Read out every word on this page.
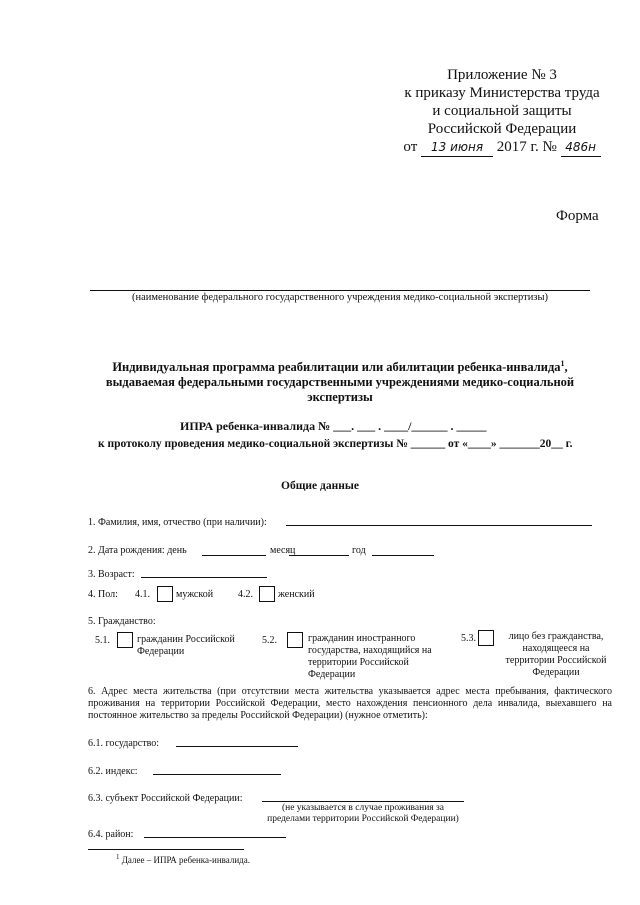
Приложение № 3
к приказу Министерства труда
и социальной защиты
Российской Федерации
от 13 июня 2017 г. № 486н
Форма
(наименование федерального государственного учреждения медико-социальной экспертизы)
Индивидуальная программа реабилитации или абилитации ребенка-инвалида$^1$,
выдаваемая федеральными государственными учреждениями медико-социальной
экспертизы
ИПРА ребенка-инвалида № ___. ___ . ____/______ . _____
к протоколу проведения медико-социальной экспертизы № ______ от «____» _______20__ г.
Общие данные
1. Фамилия, имя, отчество (при наличии):
2. Дата рождения: день	месяц	год
3. Возраст:
4. Пол: 4.1.	мужской 4.2.	женский
5. Гражданство:
5.1.	гражданин Российской Федерации
5.2.	гражданин иностранного государства, находящийся на территории Российской Федерации
5.3.	лицо без гражданства, находящееся на территории Российской Федерации
6. Адрес места жительства (при отсутствии места жительства указывается адрес места пребывания, фактического проживания на территории Российской Федерации, место нахождения пенсионного дела инвалида, выехавшего на постоянное жительство за пределы Российской Федерации) (нужное отметить):
6.1. государство:
6.2. индекс:
6.3. субъект Российской Федерации:
(не указывается в случае проживания за пределами территории Российской Федерации)
6.4. район:
$^1$ Далее – ИПРА ребенка-инвалида.
